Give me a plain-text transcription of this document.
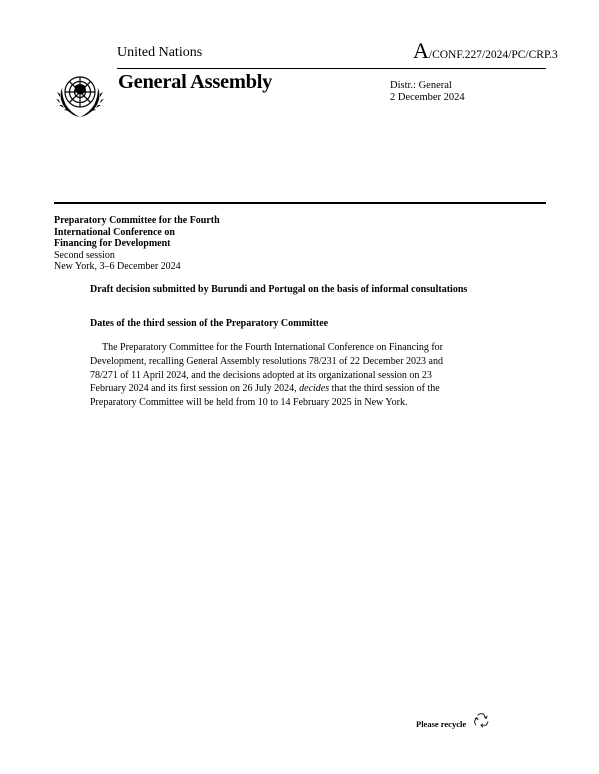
United Nations	A/CONF.227/2024/PC/CRP.3
General Assembly	Distr.: General
2 December 2024
Preparatory Committee for the Fourth
International Conference on
Financing for Development
Second session
New York, 3–6 December 2024
Draft decision submitted by Burundi and Portugal on the basis of informal consultations
Dates of the third session of the Preparatory Committee
The Preparatory Committee for the Fourth International Conference on Financing for
Development, recalling General Assembly resolutions 78/231 of 22 December 2023 and
78/271 of 11 April 2024, and the decisions adopted at its organizational session on 23
February 2024 and its first session on 26 July 2024, decides that the third session of the
Preparatory Committee will be held from 10 to 14 February 2025 in New York.
Please recycle
